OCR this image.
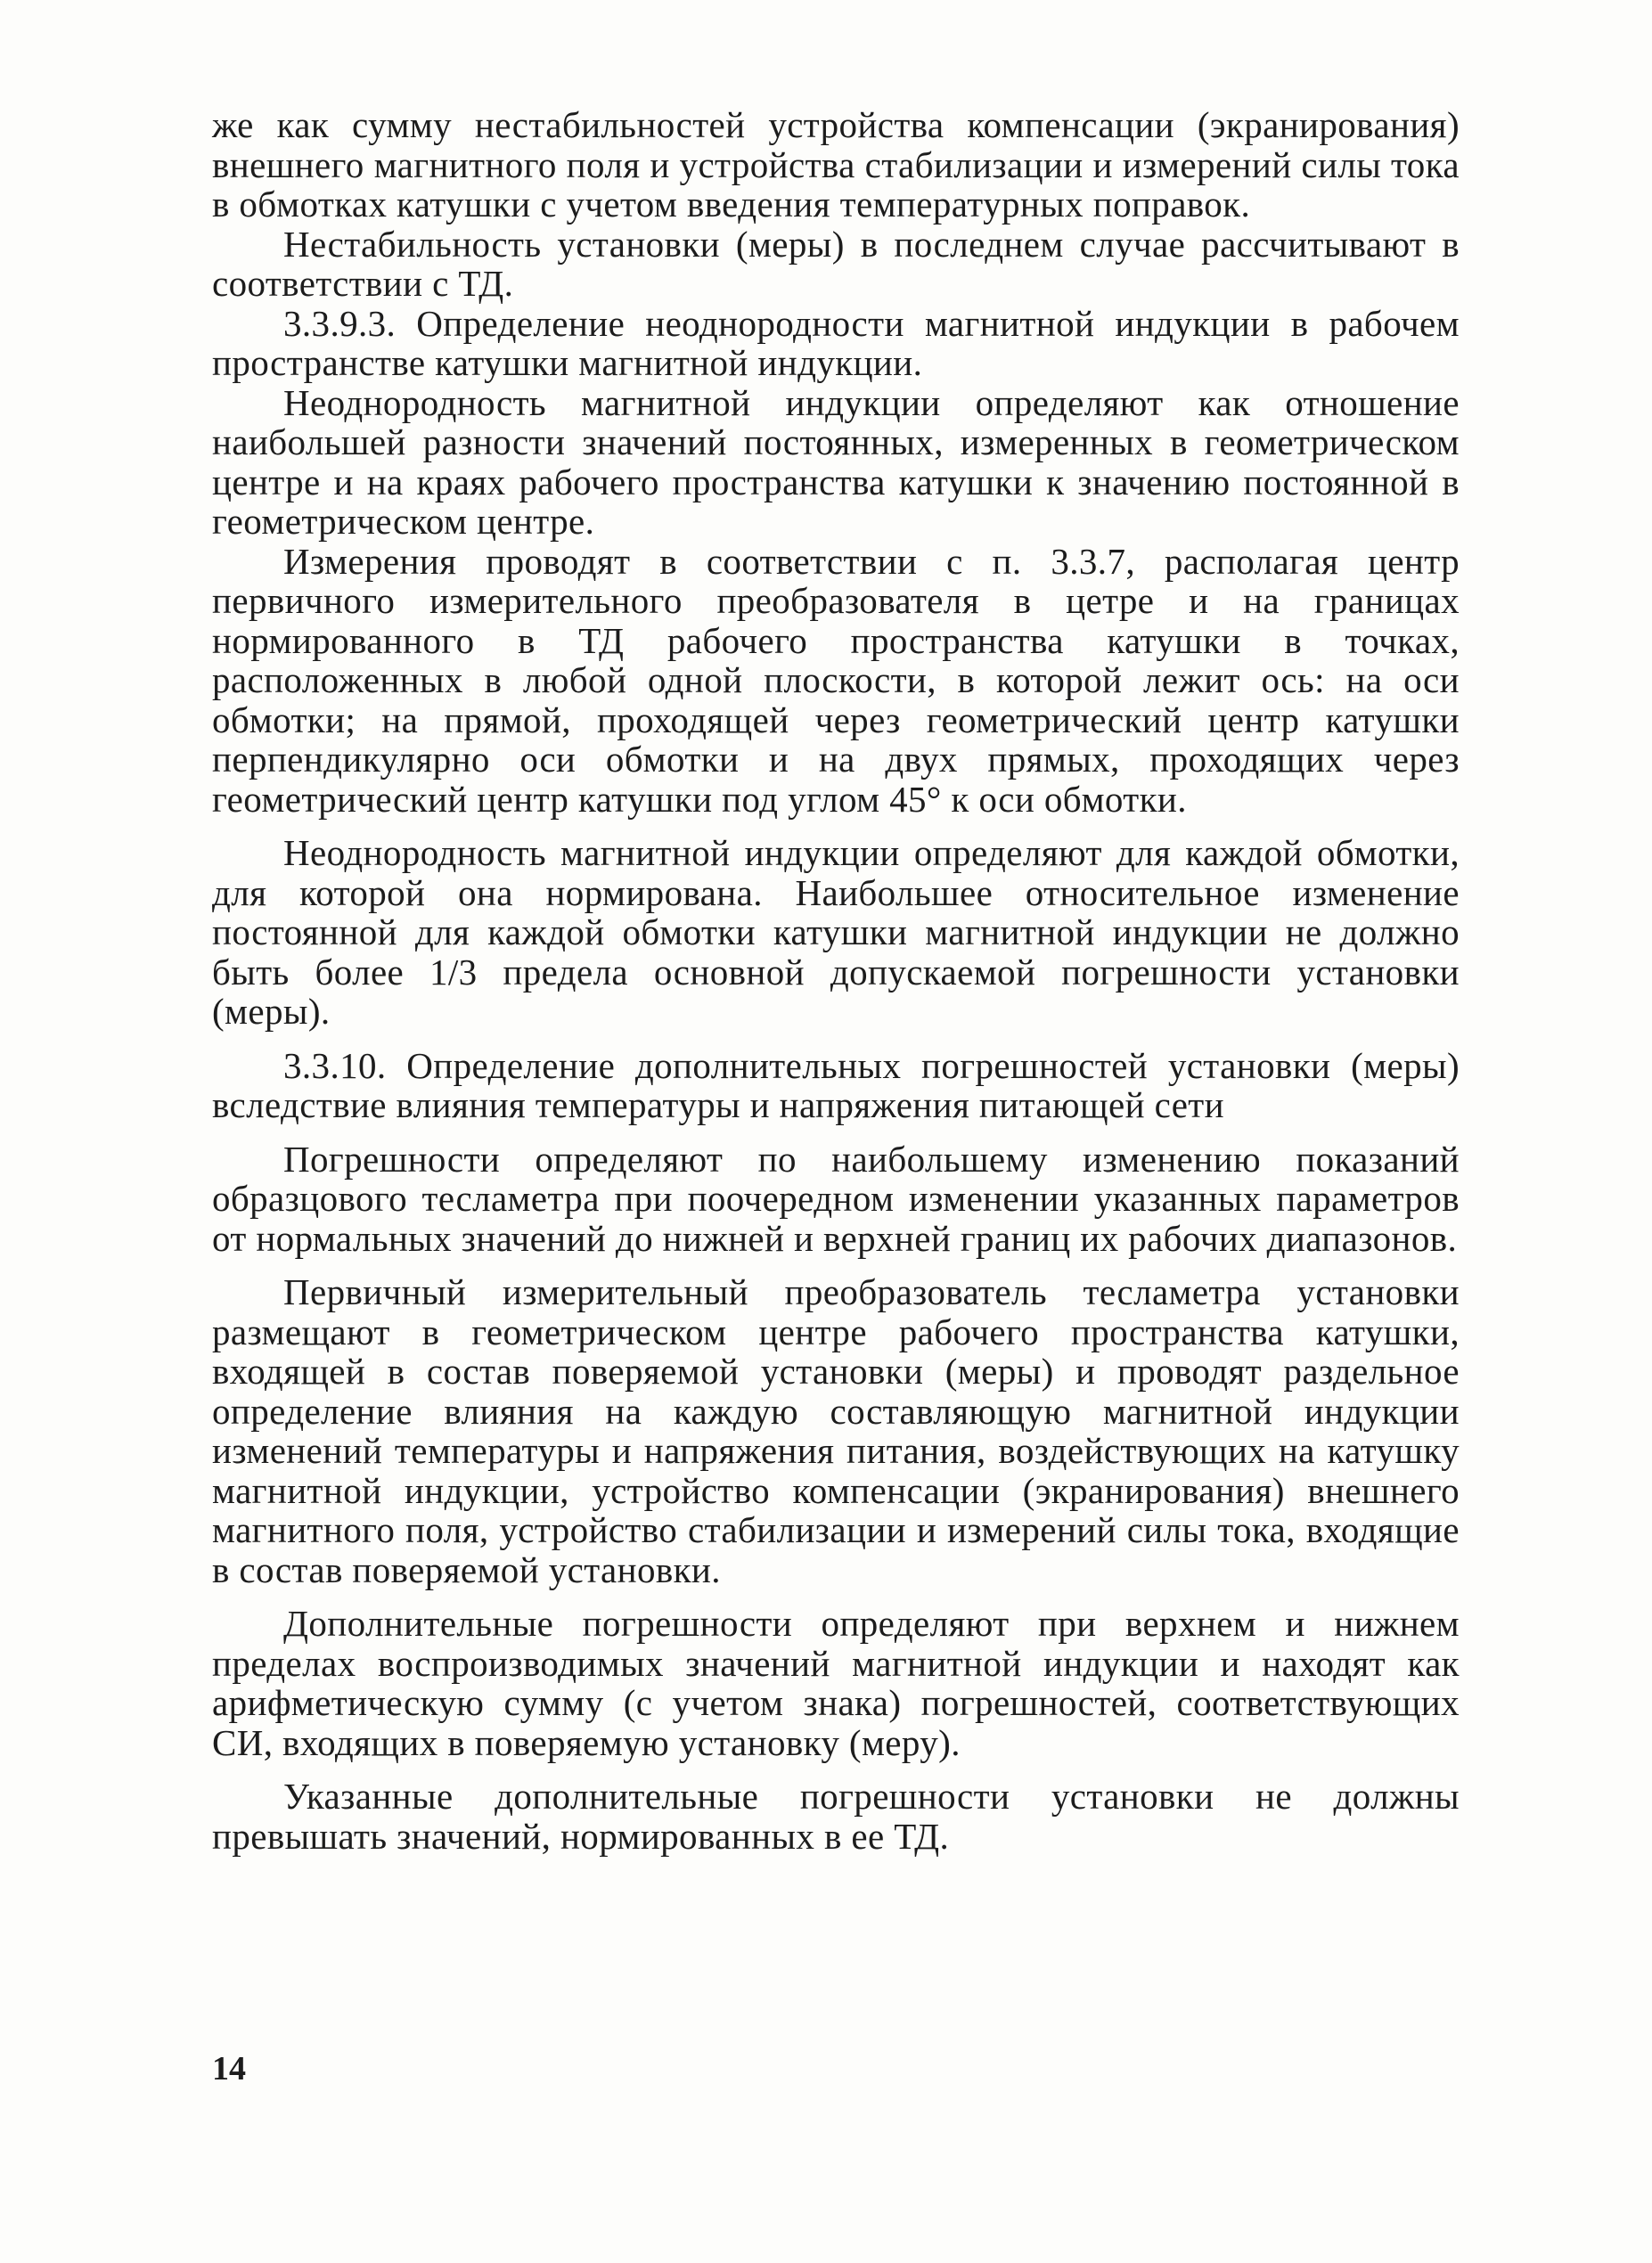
же как сумму нестабильностей устройства компенсации (экранирования) внешнего магнитного поля и устройства стабилизации и измерений силы тока в обмотках катушки с учетом введения температурных поправок.

Нестабильность установки (меры) в последнем случае рассчитывают в соответствии с ТД.

3.3.9.3. Определение неоднородности магнитной индукции в рабочем пространстве катушки магнитной индукции.

Неоднородность магнитной индукции определяют как отношение наибольшей разности значений постоянных, измеренных в геометрическом центре и на краях рабочего пространства катушки к значению постоянной в геометрическом центре.

Измерения проводят в соответствии с п. 3.3.7, располагая центр первичного измерительного преобразователя в цетре и на границах нормированного в ТД рабочего пространства катушки в точках, расположенных в любой одной плоскости, в которой лежит ось: на оси обмотки; на прямой, проходящей через геометрический центр катушки перпендикулярно оси обмотки и на двух прямых, проходящих через геометрический центр катушки под углом 45° к оси обмотки.

Неоднородность магнитной индукции определяют для каждой обмотки, для которой она нормирована. Наибольшее относительное изменение постоянной для каждой обмотки катушки магнитной индукции не должно быть более 1/3 предела основной допускаемой погрешности установки (меры).

3.3.10. Определение дополнительных погрешностей установки (меры) вследствие влияния температуры и напряжения питающей сети

Погрешности определяют по наибольшему изменению показаний образцового тесламетра при поочередном изменении указанных параметров от нормальных значений до нижней и верхней границ их рабочих диапазонов.

Первичный измерительный преобразователь тесламетра установки размещают в геометрическом центре рабочего пространства катушки, входящей в состав поверяемой установки (меры) и проводят раздельное определение влияния на каждую составляющую магнитной индукции изменений температуры и напряжения питания, воздействующих на катушку магнитной индукции, устройство компенсации (экранирования) внешнего магнитного поля, устройство стабилизации и измерений силы тока, входящие в состав поверяемой установки.

Дополнительные погрешности определяют при верхнем и нижнем пределах воспроизводимых значений магнитной индукции и находят как арифметическую сумму (с учетом знака) погрешностей, соответствующих СИ, входящих в поверяемую установку (меру).

Указанные дополнительные погрешности установки не должны превышать значений, нормированных в ее ТД.

14
